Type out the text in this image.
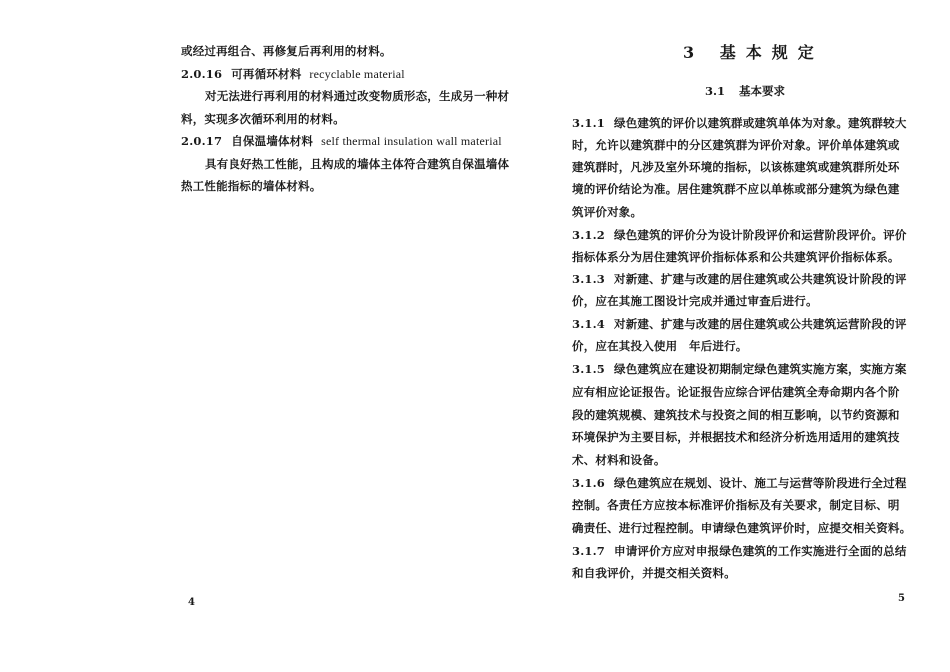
或经过再组合、再修复后再利用的材料。

2.0.16 可再循环材料 recyclable material

对无法进行再利用的材料通过改变物质形态，生成另一种材

料，实现多次循环利用的材料。

2.0.17 自保温墙体材料 self thermal insulation wall material

具有良好热工性能，且构成的墙体主体符合建筑自保温墙体

热工性能指标的墙体材料。

4

3 基本规定

3.1 基本要求

3.1.1 绿色建筑的评价以建筑群或建筑单体为对象。建筑群较大

时，允许以建筑群中的分区建筑群为评价对象。评价单体建筑或

建筑群时，凡涉及室外环境的指标，以该栋建筑或建筑群所处环

境的评价结论为准。居住建筑群不应以单栋或部分建筑为绿色建

筑评价对象。

3.1.2 绿色建筑的评价分为设计阶段评价和运营阶段评价。评价

指标体系分为居住建筑评价指标体系和公共建筑评价指标体系。

3.1.3 对新建、扩建与改建的居住建筑或公共建筑设计阶段的评

价，应在其施工图设计完成并通过审查后进行。

3.1.4 对新建、扩建与改建的居住建筑或公共建筑运营阶段的评

价，应在其投入使用　年后进行。

3.1.5 绿色建筑应在建设初期制定绿色建筑实施方案，实施方案

应有相应论证报告。论证报告应综合评估建筑全寿命期内各个阶

段的建筑规模、建筑技术与投资之间的相互影响，以节约资源和

环境保护为主要目标，并根据技术和经济分析选用适用的建筑技

术、材料和设备。

3.1.6 绿色建筑应在规划、设计、施工与运营等阶段进行全过程

控制。各责任方应按本标准评价指标及有关要求，制定目标、明

确责任、进行过程控制。申请绿色建筑评价时，应提交相关资料。

3.1.7 申请评价方应对申报绿色建筑的工作实施进行全面的总结

和自我评价，并提交相关资料。

5
